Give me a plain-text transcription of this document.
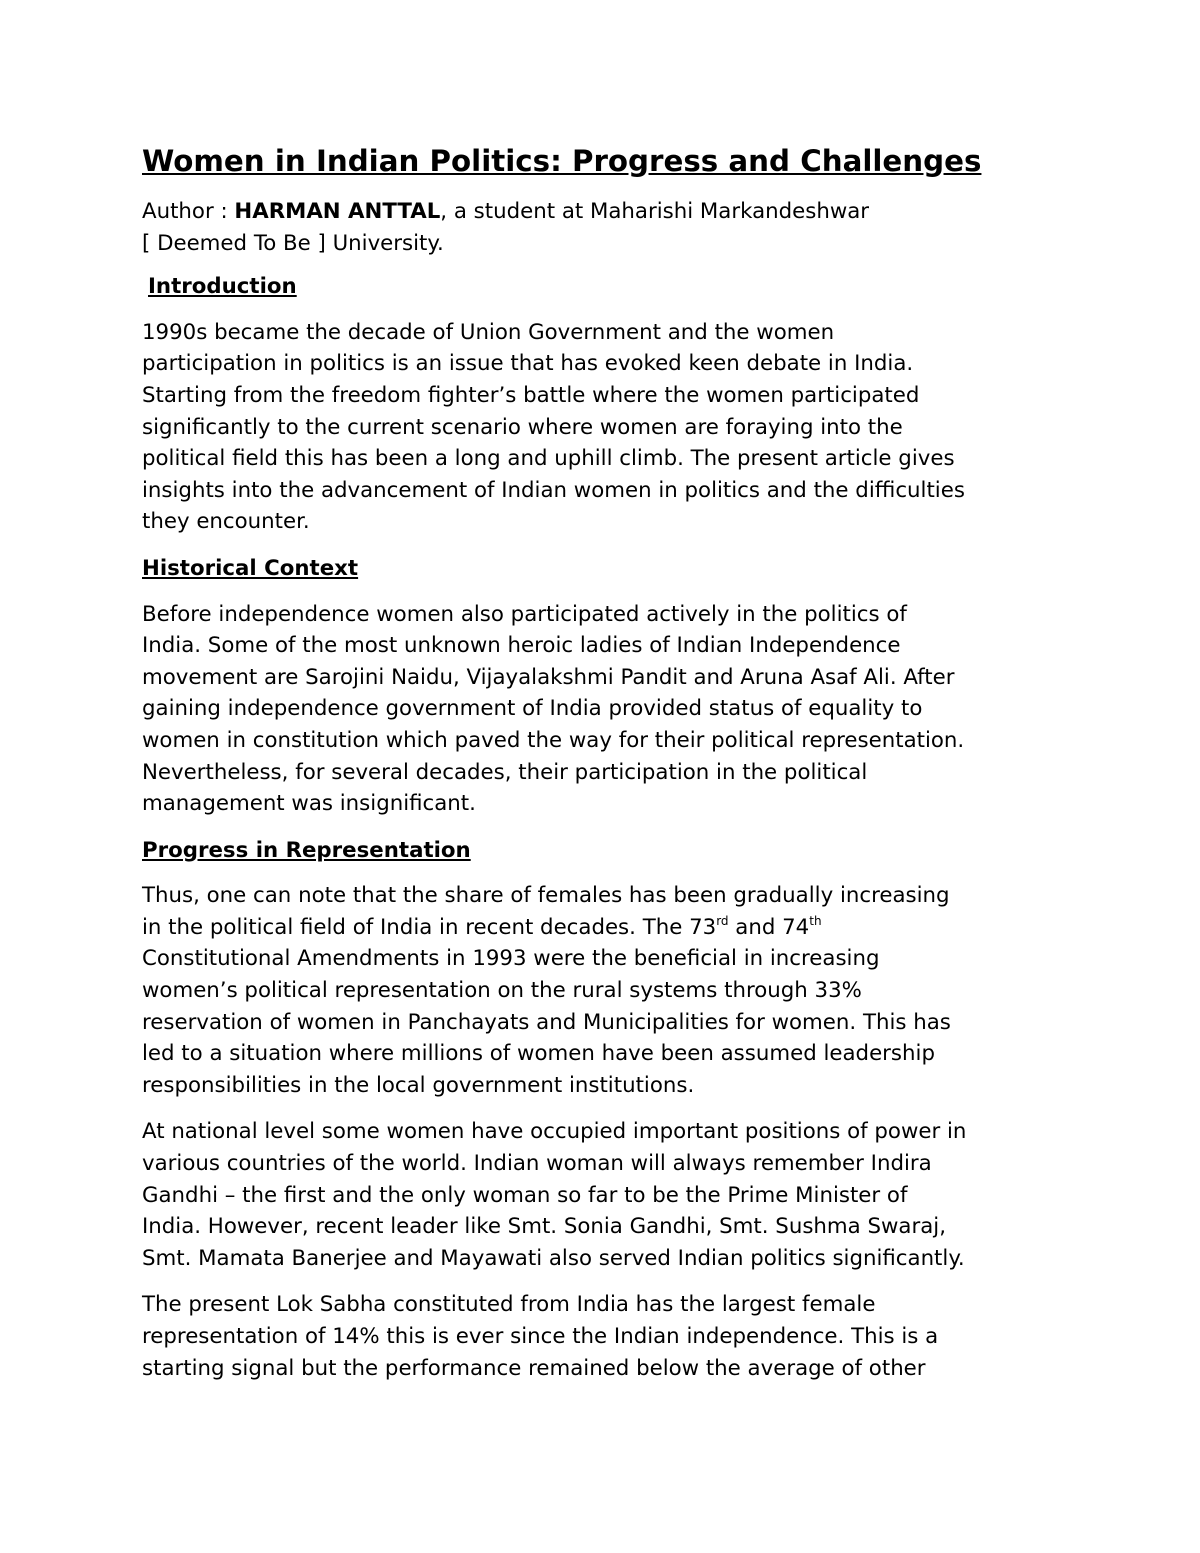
Women in Indian Politics: Progress and Challenges
Author : HARMAN ANTTAL, a student at Maharishi Markandeshwar
[ Deemed To Be ] University.
Introduction

1990s became the decade of Union Government and the women
participation in politics is an issue that has evoked keen debate in India.
Starting from the freedom fighter’s battle where the women participated
significantly to the current scenario where women are foraying into the
political field this has been a long and uphill climb. The present article gives
insights into the advancement of Indian women in politics and the difficulties
they encounter.

Historical Context

Before independence women also participated actively in the politics of
India. Some of the most unknown heroic ladies of Indian Independence
movement are Sarojini Naidu, Vijayalakshmi Pandit and Aruna Asaf Ali. After
gaining independence government of India provided status of equality to
women in constitution which paved the way for their political representation.
Nevertheless, for several decades, their participation in the political
management was insignificant.

Progress in Representation

Thus, one can note that the share of females has been gradually increasing
in the political field of India in recent decades. The 73rd and 74th
Constitutional Amendments in 1993 were the beneficial in increasing
women’s political representation on the rural systems through 33%
reservation of women in Panchayats and Municipalities for women. This has
led to a situation where millions of women have been assumed leadership
responsibilities in the local government institutions.

At national level some women have occupied important positions of power in
various countries of the world. Indian woman will always remember Indira
Gandhi – the first and the only woman so far to be the Prime Minister of
India. However, recent leader like Smt. Sonia Gandhi, Smt. Sushma Swaraj,
Smt. Mamata Banerjee and Mayawati also served Indian politics significantly.

The present Lok Sabha constituted from India has the largest female
representation of 14% this is ever since the Indian independence. This is a
starting signal but the performance remained below the average of other
